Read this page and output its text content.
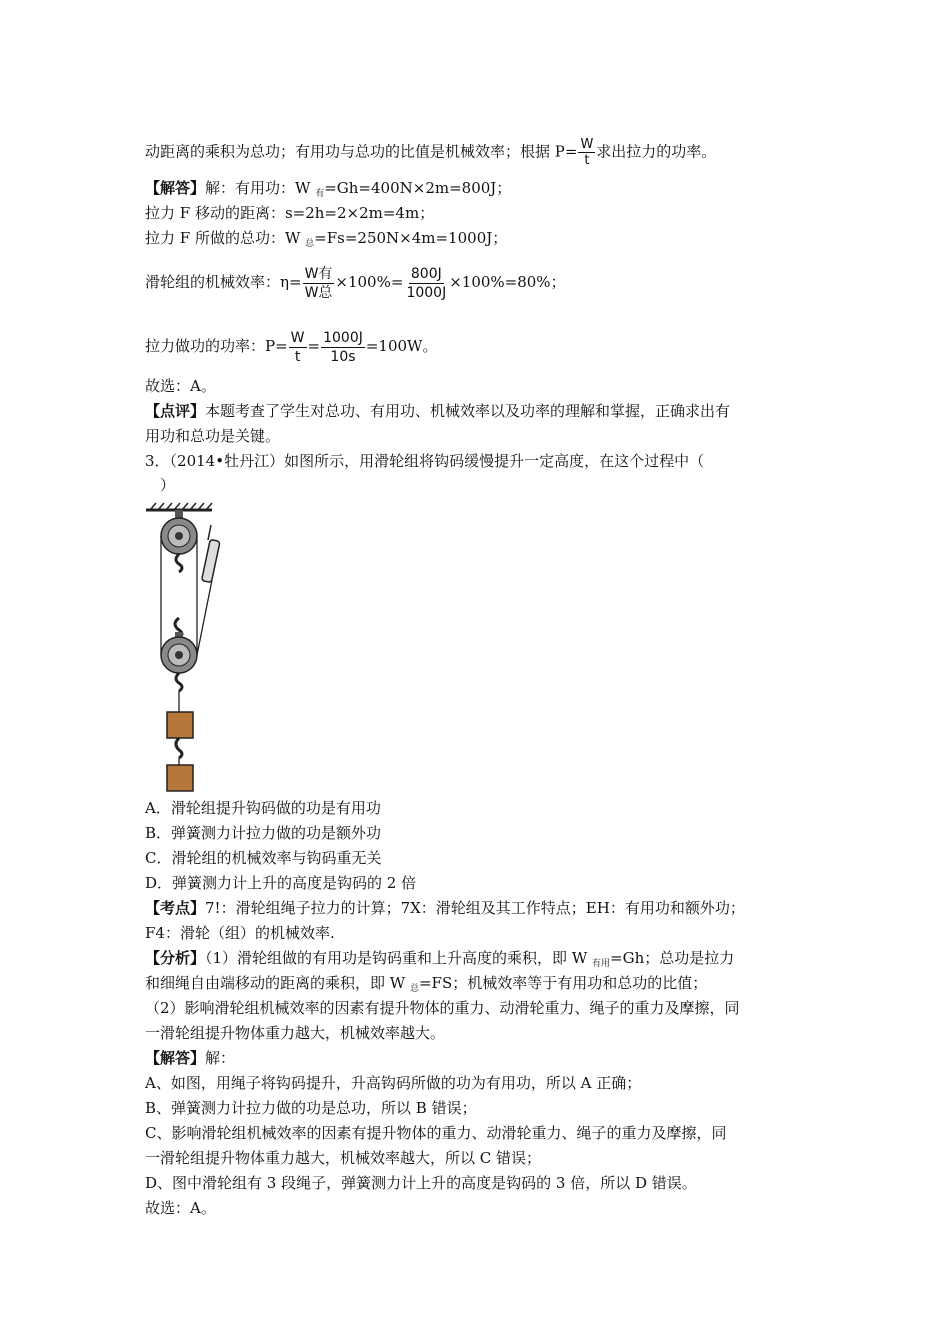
动距离的乘积为总功；有用功与总功的比值是机械效率；根据 $P= \frac{W}{t}$ 求出拉力的功率。
【解答】解：有用功：W $_有$=Gh=400N×2m=800J；
拉力 F 移动的距离：s=2h=2×2m=4m；
拉力 F 所做的总功：W $_总$=Fs=250N×4m=1000J；
滑轮组的机械效率：$\eta= \frac{\text{W有}}{\text{W总}} \times 100\%= \frac{800J}{1000J} \times 100\%=80\%$；
拉力做功的功率：$P= \frac{W}{t} = \frac{1000J}{10s} =100W$。
故选：A。
【点评】本题考查了学生对总功、有用功、机械效率以及功率的理解和掌握，正确求出有
用功和总功是关键。
3．（2014•牡丹江）如图所示，用滑轮组将钩码缓慢提升一定高度，在这个过程中（
）
A．滑轮组提升钩码做的功是有用功
B．弹簧测力计拉力做的功是额外功
C．滑轮组的机械效率与钩码重无关
D．弹簧测力计上升的高度是钩码的 2 倍
【考点】7!：滑轮组绳子拉力的计算；7X：滑轮组及其工作特点；EH：有用功和额外功；
F4：滑轮（组）的机械效率.
【分析】（1）滑轮组做的有用功是钩码重和上升高度的乘积，即 W $_{有用}$=Gh；总功是拉力
和细绳自由端移动的距离的乘积，即 W $_总$=FS；机械效率等于有用功和总功的比值；
（2）影响滑轮组机械效率的因素有提升物体的重力、动滑轮重力、绳子的重力及摩擦，同
一滑轮组提升物体重力越大，机械效率越大。
【解答】解：
A、如图，用绳子将钩码提升，升高钩码所做的功为有用功，所以 A 正确；
B、弹簧测力计拉力做的功是总功，所以 B 错误；
C、影响滑轮组机械效率的因素有提升物体的重力、动滑轮重力、绳子的重力及摩擦，同
一滑轮组提升物体重力越大，机械效率越大，所以 C 错误；
D、图中滑轮组有 3 段绳子，弹簧测力计上升的高度是钩码的 3 倍，所以 D 错误。
故选：A。
